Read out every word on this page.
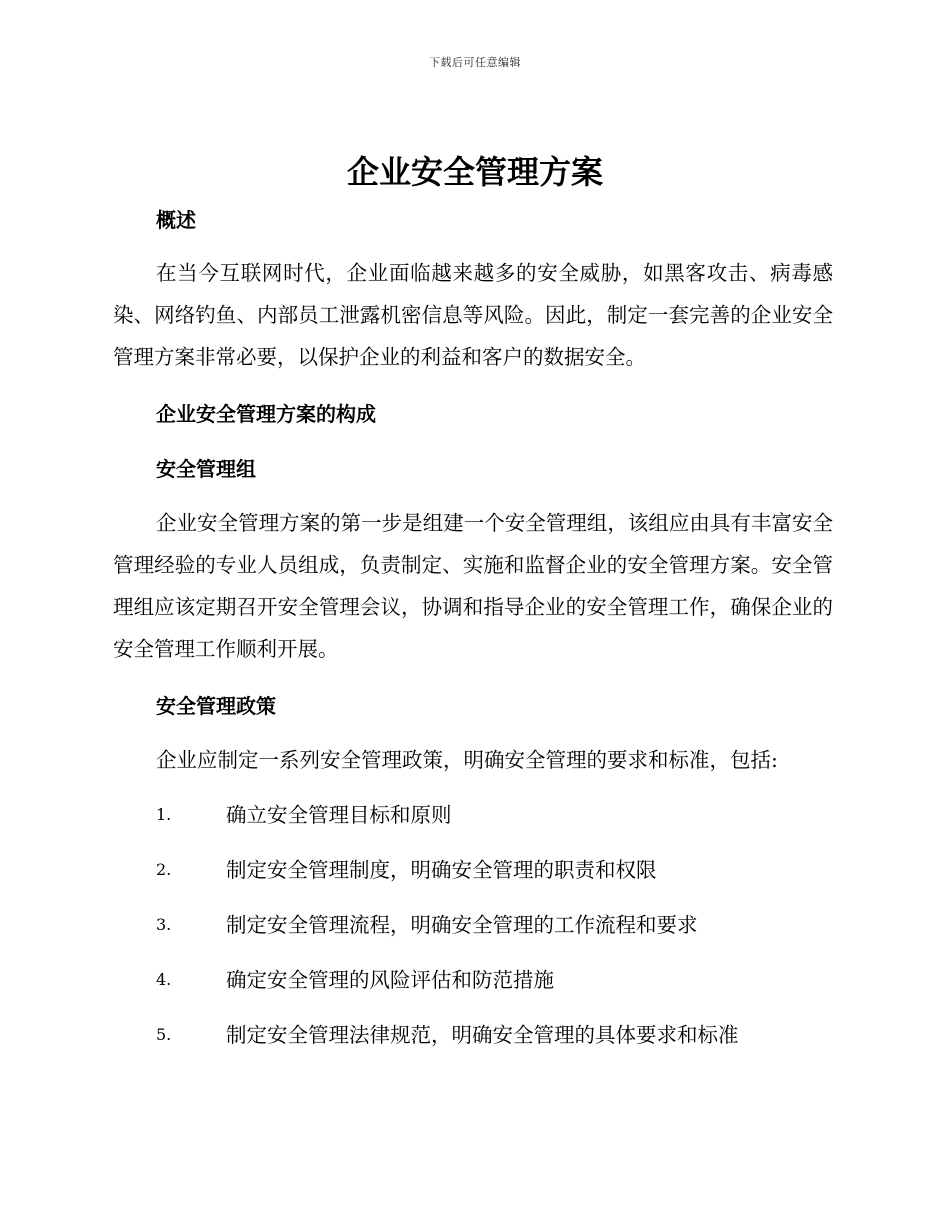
下载后可任意编辑
企业安全管理方案
概述

在当今互联网时代，企业面临越来越多的安全威胁，如黑客攻击、病毒感染、网络钓鱼、内部员工泄露机密信息等风险。因此，制定一套完善的企业安全管理方案非常必要，以保护企业的利益和客户的数据安全。

企业安全管理方案的构成
安全管理组

企业安全管理方案的第一步是组建一个安全管理组，该组应由具有丰富安全管理经验的专业人员组成，负责制定、实施和监督企业的安全管理方案。安全管理组应该定期召开安全管理会议，协调和指导企业的安全管理工作，确保企业的安全管理工作顺利开展。

安全管理政策

企业应制定一系列安全管理政策，明确安全管理的要求和标准，包括:

1.	确立安全管理目标和原则
2.	制定安全管理制度，明确安全管理的职责和权限
3.	制定安全管理流程，明确安全管理的工作流程和要求
4.	确定安全管理的风险评估和防范措施
5.	制定安全管理法律规范，明确安全管理的具体要求和标准
